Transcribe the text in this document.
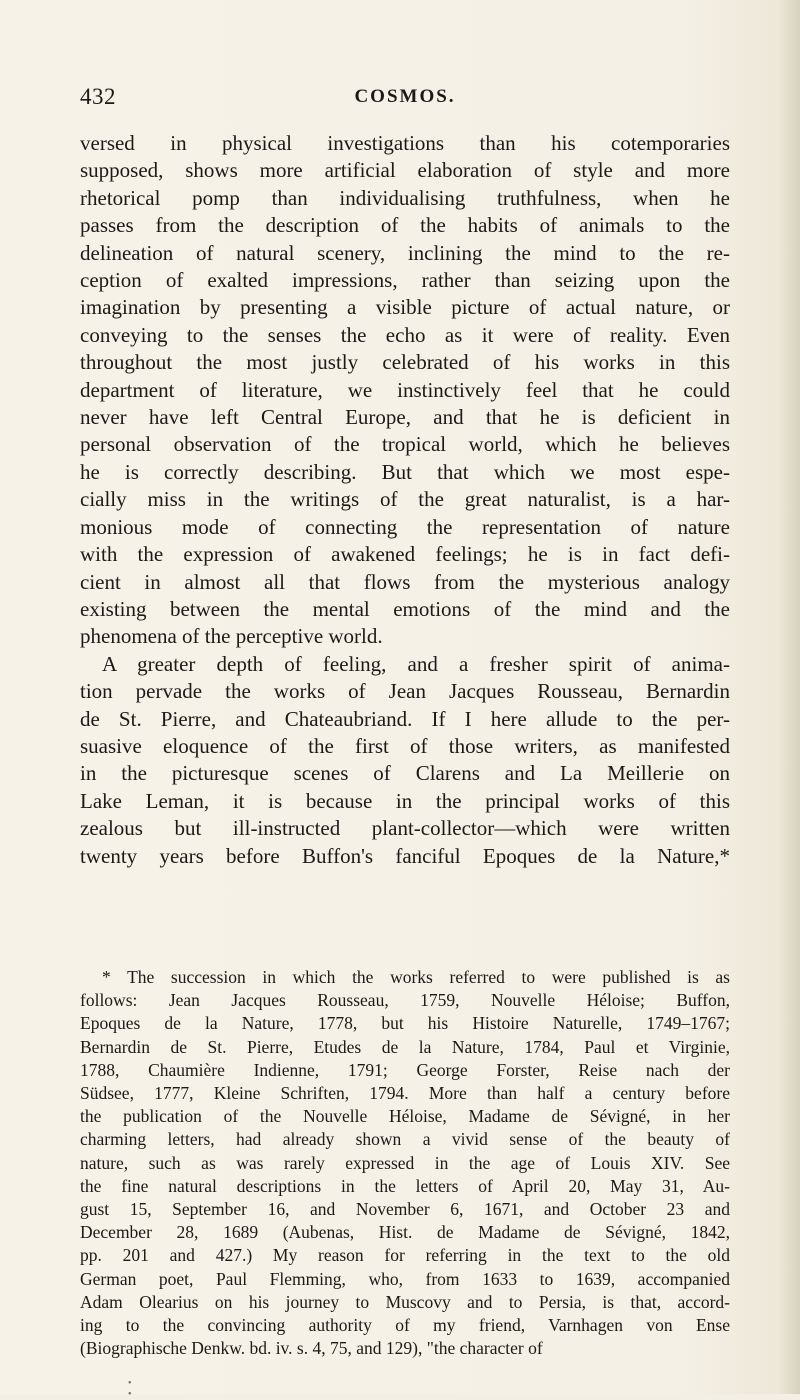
432	COSMOS.
versed in physical investigations than his cotemporaries
supposed, shows more artificial elaboration of style and more
rhetorical pomp than individualising truthfulness, when he
passes from the description of the habits of animals to the
delineation of natural scenery, inclining the mind to the re-
ception of exalted impressions, rather than seizing upon the
imagination by presenting a visible picture of actual nature, or
conveying to the senses the echo as it were of reality. Even
throughout the most justly celebrated of his works in this
department of literature, we instinctively feel that he could
never have left Central Europe, and that he is deficient in
personal observation of the tropical world, which he believes
he is correctly describing. But that which we most espe-
cially miss in the writings of the great naturalist, is a har-
monious mode of connecting the representation of nature
with the expression of awakened feelings; he is in fact defi-
cient in almost all that flows from the mysterious analogy
existing between the mental emotions of the mind and the
phenomena of the perceptive world.
A greater depth of feeling, and a fresher spirit of anima-
tion pervade the works of Jean Jacques Rousseau, Bernardin
de St. Pierre, and Chateaubriand. If I here allude to the per-
suasive eloquence of the first of those writers, as manifested
in the picturesque scenes of Clarens and La Meillerie on
Lake Leman, it is because in the principal works of this
zealous but ill-instructed plant-collector—which were written
twenty years before Buffon's fanciful Epoques de la Nature,*
* The succession in which the works referred to were published is as
follows: Jean Jacques Rousseau, 1759, Nouvelle Héloise; Buffon,
Epoques de la Nature, 1778, but his Histoire Naturelle, 1749–1767;
Bernardin de St. Pierre, Etudes de la Nature, 1784, Paul et Virginie,
1788, Chaumière Indienne, 1791; George Forster, Reise nach der
Südsee, 1777, Kleine Schriften, 1794. More than half a century before
the publication of the Nouvelle Héloise, Madame de Sévigné, in her
charming letters, had already shown a vivid sense of the beauty of
nature, such as was rarely expressed in the age of Louis XIV. See
the fine natural descriptions in the letters of April 20, May 31, Au-
gust 15, September 16, and November 6, 1671, and October 23 and
December 28, 1689 (Aubenas, Hist. de Madame de Sévigné, 1842,
pp. 201 and 427.) My reason for referring in the text to the old
German poet, Paul Flemming, who, from 1633 to 1639, accompanied
Adam Olearius on his journey to Muscovy and to Persia, is that, accord-
ing to the convincing authority of my friend, Varnhagen von Ense
(Biographische Denkw. bd. iv. s. 4, 75, and 129), "the character of
• •
